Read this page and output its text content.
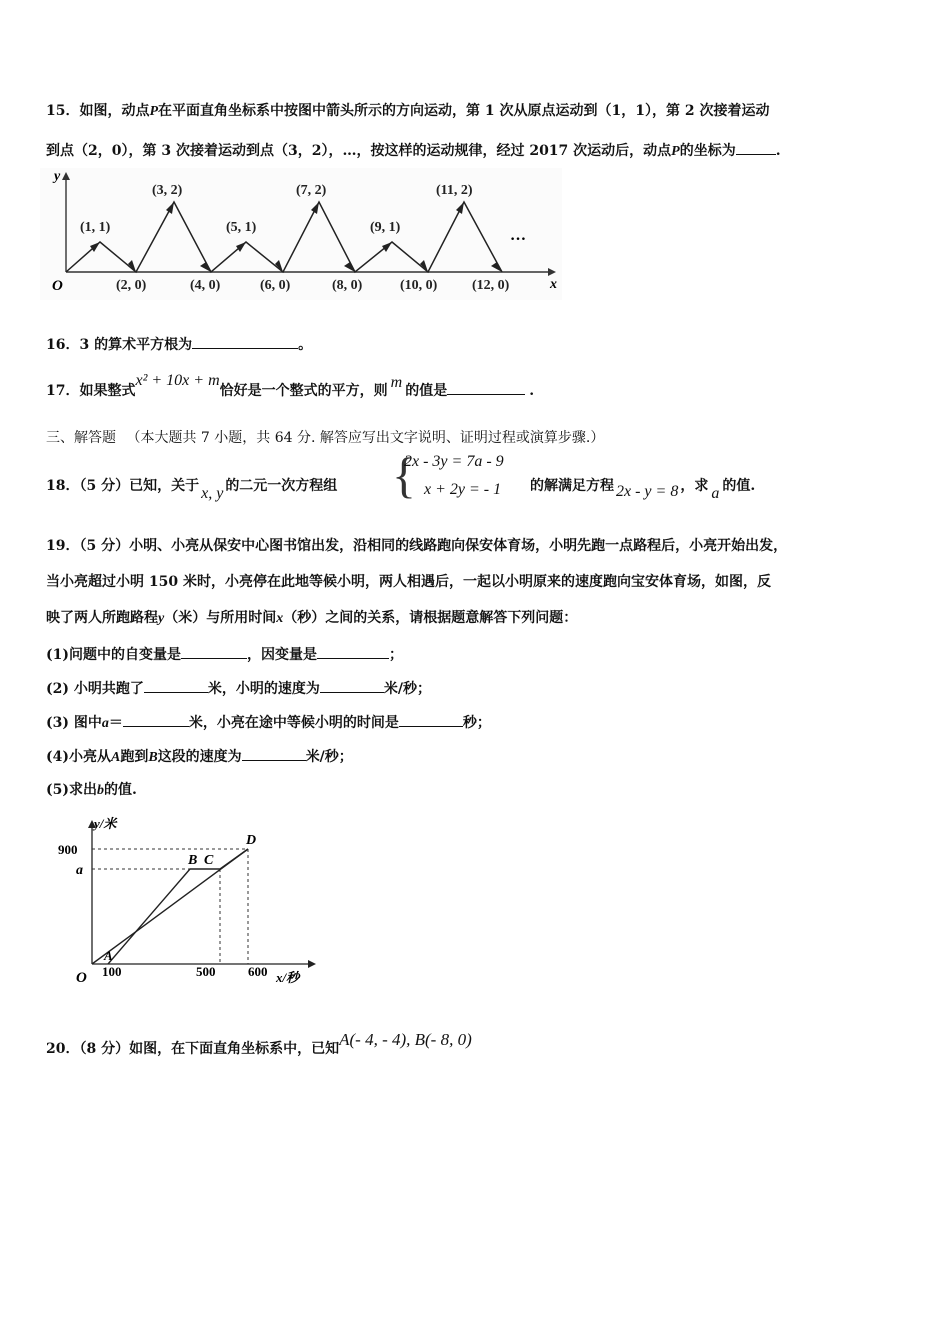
15．如图，动点P在平面直角坐标系中按图中箭头所示的方向运动，第 1 次从原点运动到（1，1），第 2 次接着运动
到点（2，0），第 3 次接着运动到点（3，2），…，按这样的运动规律，经过 2017 次运动后，动点P的坐标为	.
y
x
O
(1, 1)
(3, 2)
(5, 1)
(7, 2)
(9, 1)
(11, 2)
(2, 0)	(4, 0)	(6, 0)	(8, 0)	(10, 0) (12, 0)
…
16．3 的算术平方根为	。
17．如果整式x² + 10x + m恰好是一个整式的平方，则 m 的值是	.
三、解答题 （本大题共 7 小题，共 64 分. 解答应写出文字说明、证明过程或演算步骤.）
18．（5 分）已知，关于 x, y 的二元一次方程组 {
2x - 3y = 7a - 9
x + 2y = - 1 的解满足方程 2x - y = 8 ，求 a 的值.
19．（5 分）小明、小亮从保安中心图书馆出发，沿相同的线路跑向保安体育场，小明先跑一点路程后，小亮开始出发，
当小亮超过小明 150 米时，小亮停在此地等候小明，两人相遇后，一起以小明原来的速度跑向宝安体育场，如图，反
映了两人所跑路程y（米）与所用时间x（秒）之间的关系，请根据题意解答下列问题：
(1)问题中的自变量是	，因变量是	；
(2) 小明共跑了	米，小明的速度为	米/秒；
(3) 图中a＝	米，小亮在途中等候小明的时间是	秒；
(4)小亮从A跑到B这段的速度为	米/秒；
(5)求出b的值.
y/米
x/秒
O
900
a
100	500	600
A
B C
D
20．（8 分）如图，在下面直角坐标系中，已知A(- 4, - 4), B(- 8, 0)
